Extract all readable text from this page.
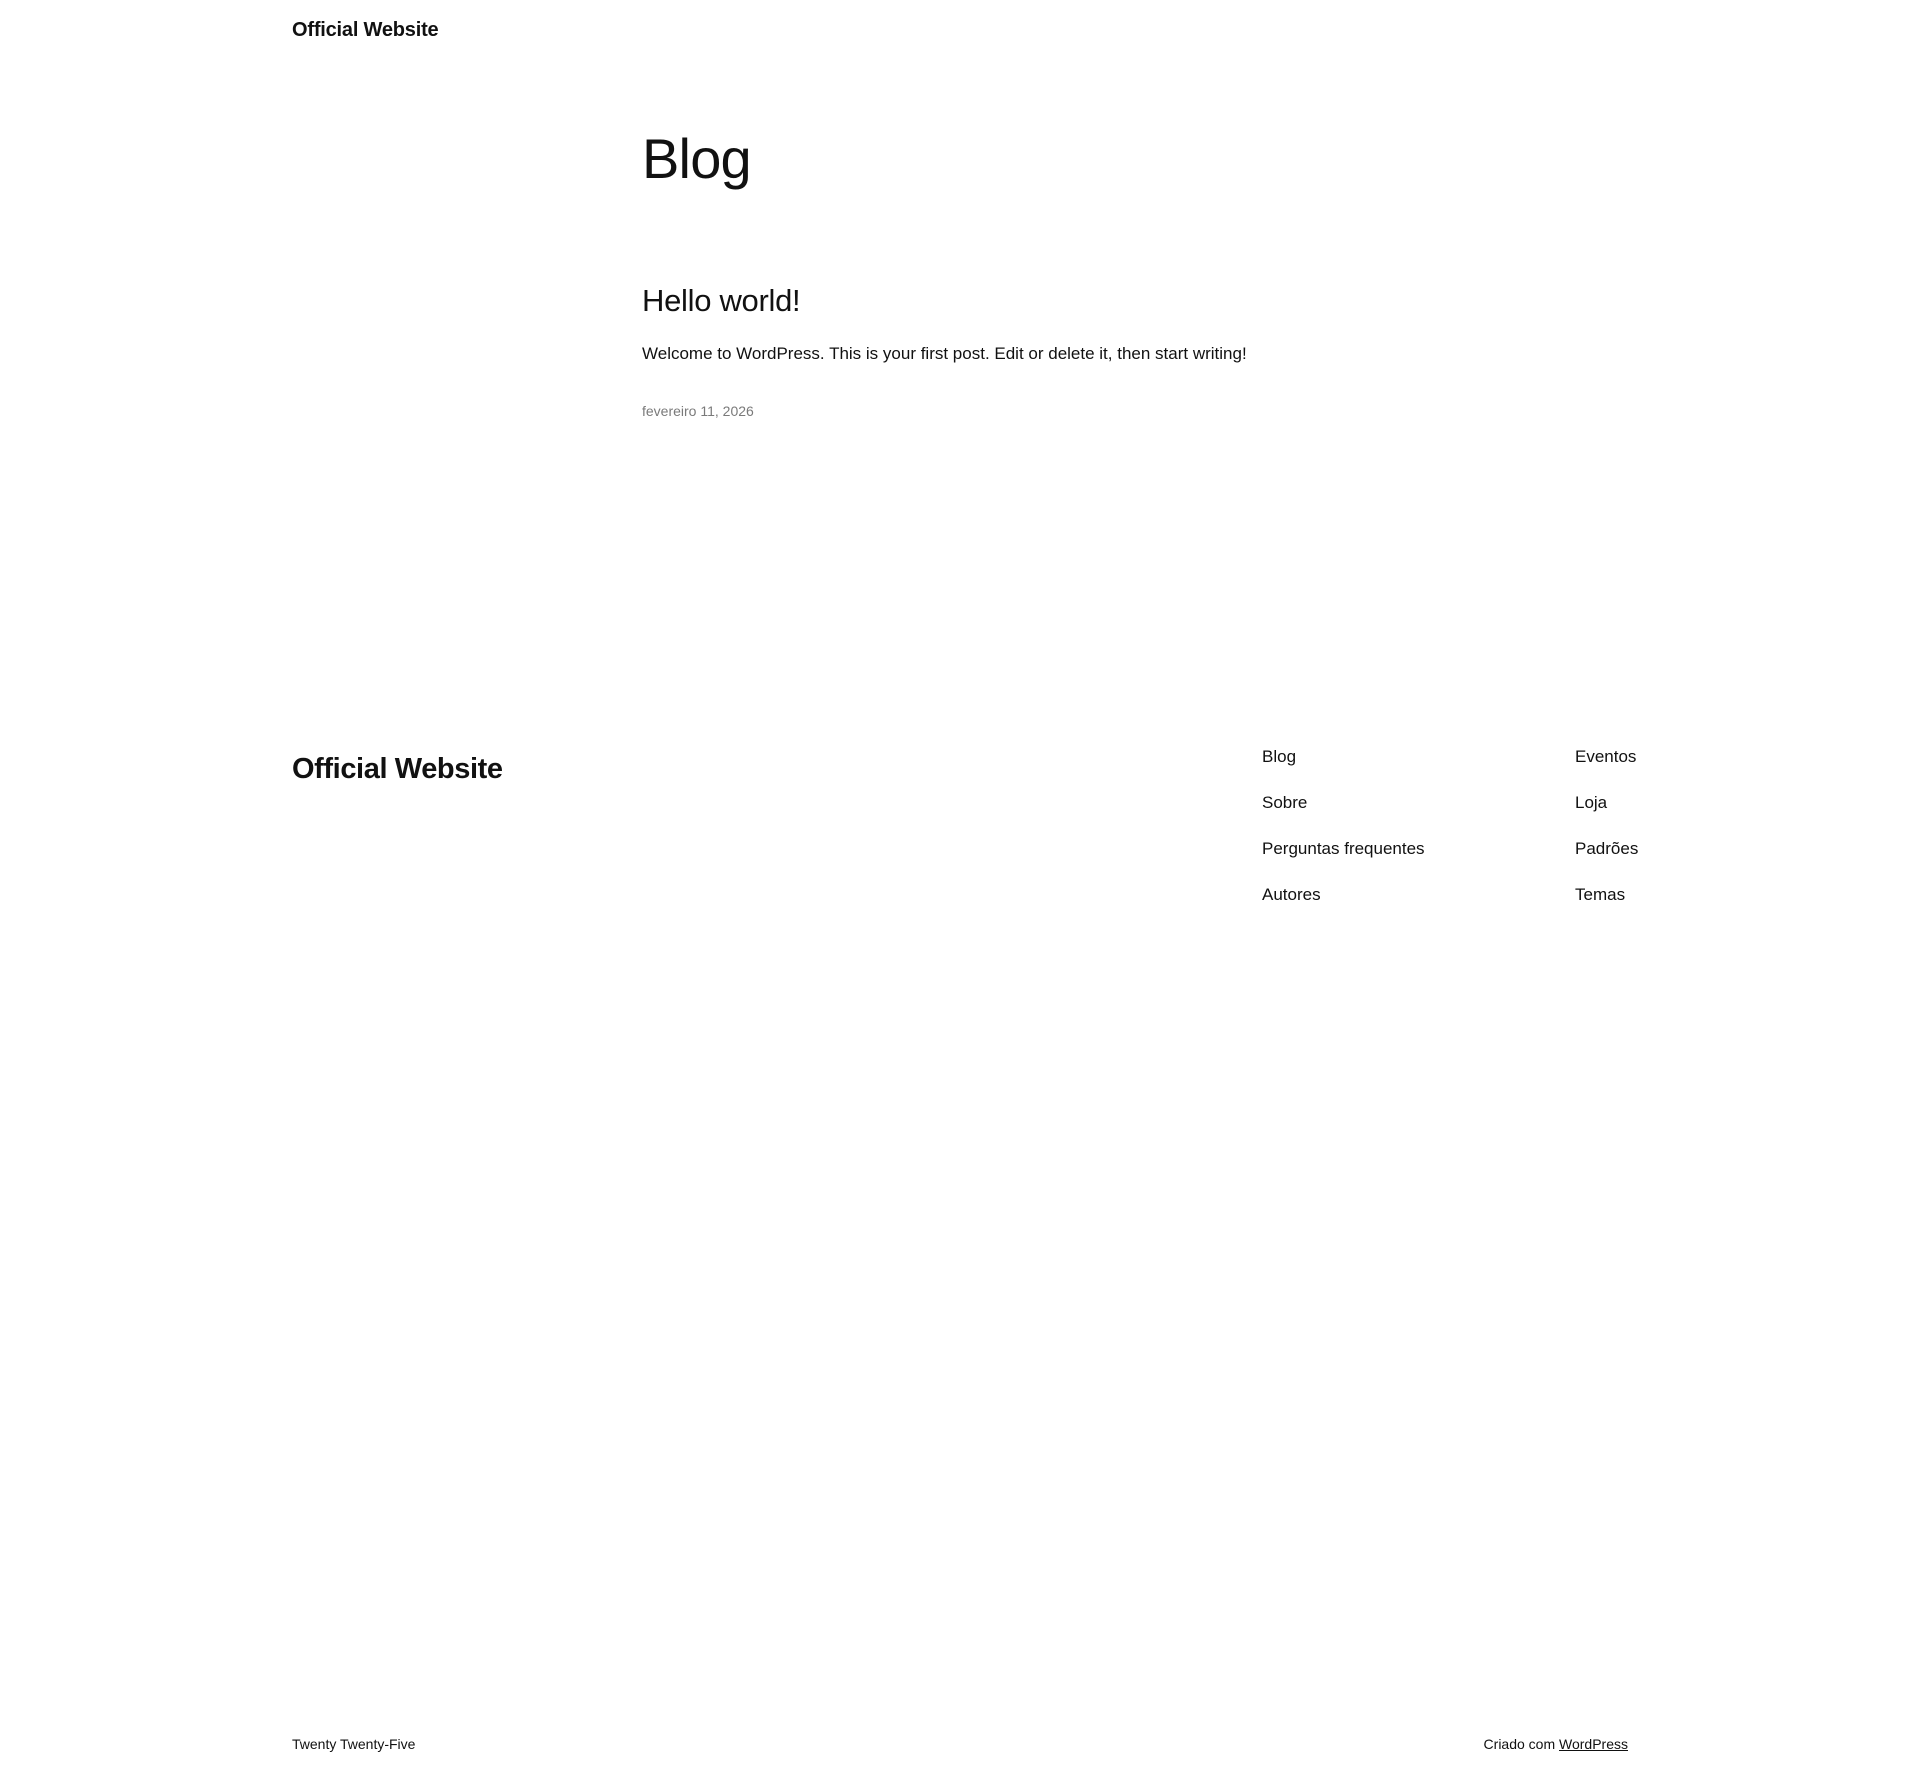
Official Website
Blog
Hello world!

Welcome to WordPress. This is your first post. Edit or delete it, then start writing!

fevereiro 11, 2026
Official Website	Blog
Sobre
Perguntas frequentes
Autores
Eventos
Loja
Padrões
Temas
Twenty Twenty-Five	Criado com WordPress
